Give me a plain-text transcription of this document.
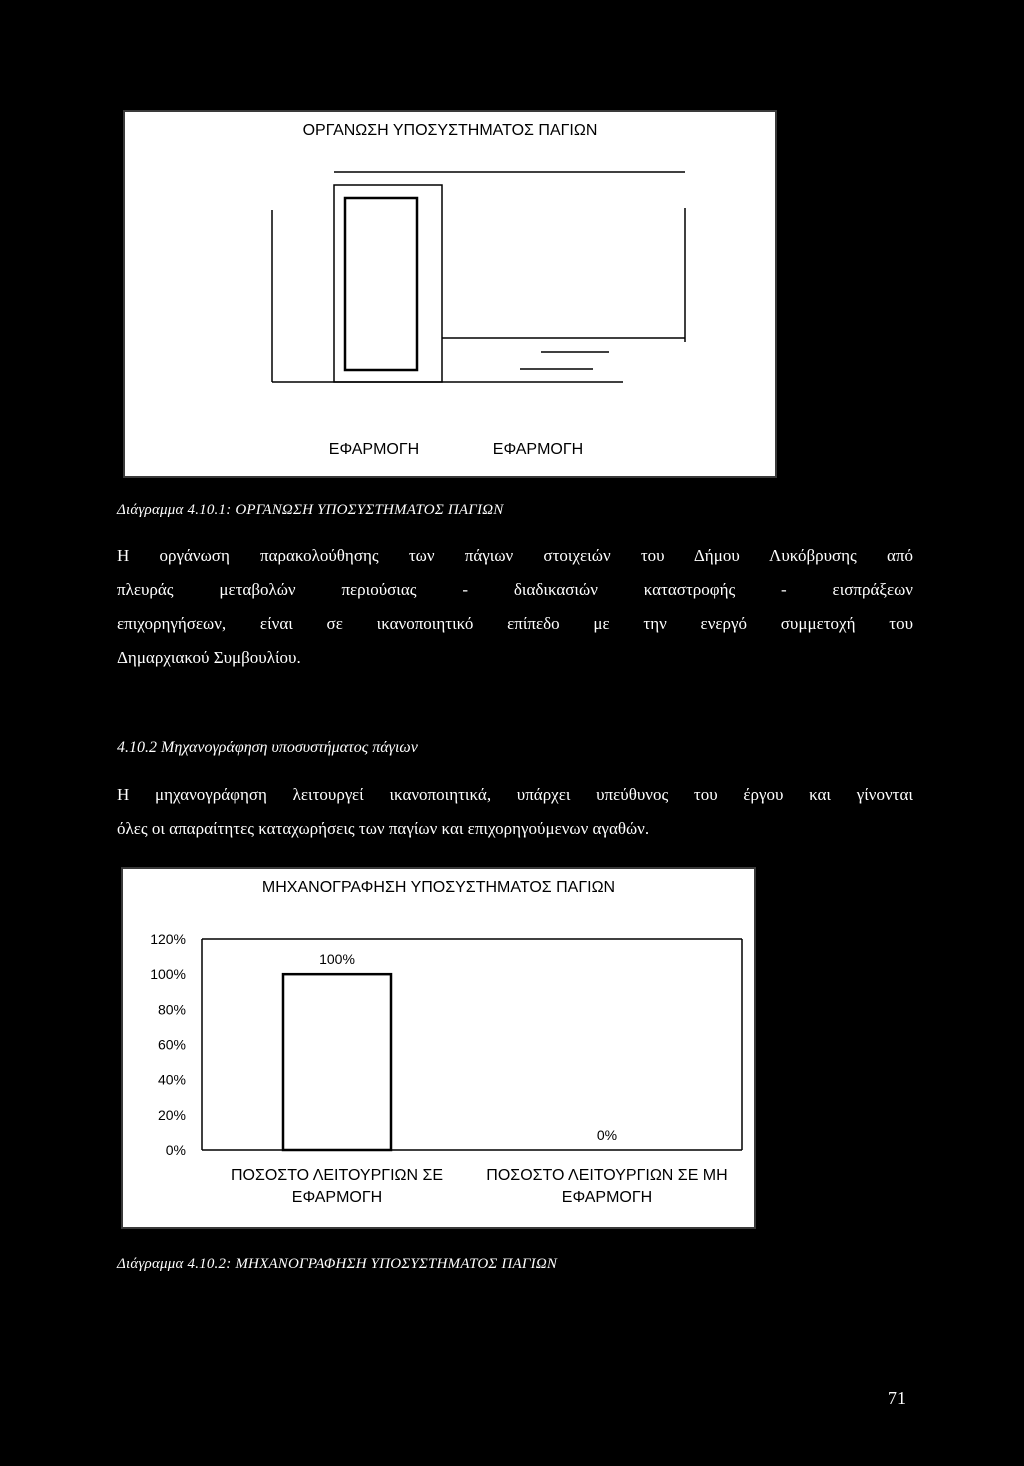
ΟΡΓΑΝΩΣΗ ΥΠΟΣΥΣΤΗΜΑΤΟΣ ΠΑΓΙΩΝ
ΕΦΑΡΜΟΓΗ	ΕΦΑΡΜΟΓΗ
Διάγραμμα 4.10.1: ΟΡΓΑΝΩΣΗ ΥΠΟΣΥΣΤΗΜΑΤΟΣ ΠΑΓΙΩΝ
Η οργάνωση παρακολούθησης των πάγιων στοιχειών του Δήμου Λυκόβρυσης από
πλευράς μεταβολών περιούσιας - διαδικασιών καταστροφής - εισπράξεων
επιχορηγήσεων, είναι σε ικανοποιητικό επίπεδο με την ενεργό συμμετοχή του
Δημαρχιακού Συμβουλίου.
4.10.2 Μηχανογράφηση υποσυστήματος πάγιων
Η μηχανογράφηση λειτουργεί ικανοποιητικά, υπάρχει υπεύθυνος του έργου και γίνονται
όλες οι απαραίτητες καταχωρήσεις των παγίων και επιχορηγούμενων αγαθών.
ΜΗΧΑΝΟΓΡΑΦΗΣΗ ΥΠΟΣΥΣΤΗΜΑΤΟΣ ΠΑΓΙΩΝ
0%
20%
40%
60%
80%
100%
120%
100%
ΠΟΣΟΣΤΟ ΛΕΙΤΟΥΡΓΙΩΝ ΣΕ
ΕΦΑΡΜΟΓΗ
0%
ΠΟΣΟΣΤΟ ΛΕΙΤΟΥΡΓΙΩΝ ΣΕ ΜΗ
ΕΦΑΡΜΟΓΗ
Διάγραμμα 4.10.2: ΜΗΧΑΝΟΓΡΑΦΗΣΗ ΥΠΟΣΥΣΤΗΜΑΤΟΣ ΠΑΓΙΩΝ
71
